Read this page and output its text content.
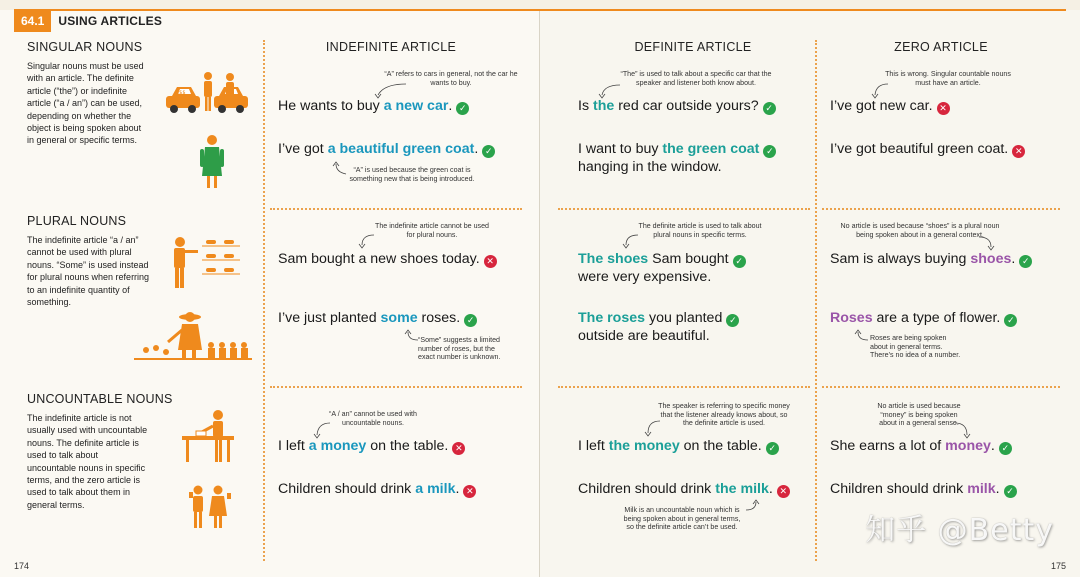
64.1	USING ARTICLES
INDEFINITE ARTICLE	DEFINITE ARTICLE	ZERO ARTICLE
SINGULAR NOUNS
Singular nouns must be used with an article. The definite article (“the”) or indefinite article (“a / an”) can be used, depending on whether the object is being spoken about in general or specific terms.
PLURAL NOUNS
The indefinite article “a / an” cannot be used with plural nouns. “Some” is used instead for plural nouns when referring to an indefinite quantity of something.
UNCOUNTABLE NOUNS
The indefinite article is not usually used with uncountable nouns. The definite article is used to talk about uncountable nouns in specific terms, and the zero article is used to talk about them in general terms.
$$$
“A” refers to cars in general, not the car he wants to buy.
He wants to buy a new car. ✓
I’ve got a beautiful green coat. ✓
“A” is used because the green coat is something new that is being introduced.
“The” is used to talk about a specific car that the speaker and listener both know about.
Is the red car outside yours? ✓
I want to buy the green coat ✓
hanging in the window.
This is wrong. Singular countable nouns must have an article.
I’ve got new car. ✕
I’ve got beautiful green coat. ✕
The indefinite article cannot be used for plural nouns.
Sam bought a new shoes today. ✕
I’ve just planted some roses. ✓
“Some” suggests a limited number of roses, but the exact number is unknown.
The definite article is used to talk about plural nouns in specific terms.
The shoes Sam bought ✓
were very expensive.
The roses you planted ✓
outside are beautiful.
No article is used because “shoes” is a plural noun being spoken about in a general context.
Sam is always buying shoes. ✓
Roses are a type of flower. ✓
Roses are being spoken about in general terms. There’s no idea of a number.
“A / an” cannot be used with uncountable nouns.
I left a money on the table. ✕
Children should drink a milk. ✕
The speaker is referring to specific money that the listener already knows about, so the definite article is used.
I left the money on the table. ✓
Children should drink the milk. ✕
Milk is an uncountable noun which is being spoken about in general terms, so the definite article can’t be used.
No article is used because “money” is being spoken about in a general sense.
She earns a lot of money. ✓
Children should drink milk. ✓
174	175
知乎 @Betty
